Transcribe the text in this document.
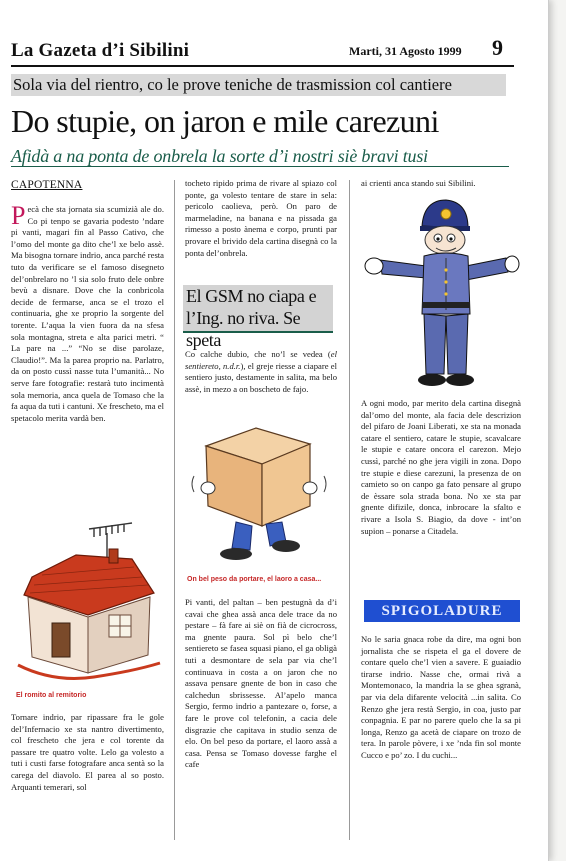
La Gazeta d’i Sibilini	Marti, 31 Agosto 1999 9
Sola via del rientro, co le prove teniche de trasmission col cantiere
Do stupie, on jaron e mile carezuni
Afidà a na ponta de onbrela la sorte d’i nostri siè bravi tusi
CAPOTENNA
Pecà che sta jornata sia scumizià ale do. Co pi tenpo se gavaria podesto ’ndare pi vanti, magari fin al Passo Cativo, che l’omo del monte ga dito che’l xe belo assè. Ma bisogna tornare indrio, anca parché resta tuto da verificare se el famoso disegneto del’onbrelaro no ’l sia solo fruto dele onbre bevù a disnare. Dove che la conbricola decide de fermarse, anca se el trozo el continuaria, ghe xe proprio la sorgente del torente. L’aqua la vien fuora da na sfesa sola montagna, streta e alta parici metri. “ La pare na ...” “No se dise parolaze, Claudio!”. Ma la parea proprio na. Parlatro, da on posto cussì nasse tuta l’umanità... No serve fare fotografie: restarà tuto incimentà sola memoria, anca quela de Tomaso che la fa aqua da tuti i cantuni. Xe frescheto, ma el spetacolo merita vardà ben.
El romito al remitorio
Tornare indrio, par ripassare fra le gole del’Infernacio xe sta nantro divertimento, col frescheto che jera e col torente da passare tre quatro volte. Lelo ga volesto a tuti i custi farse fotografare anca sentà so la carega del diavolo. El parea al so posto. Arquanti temerari, sol
tocheto ripido prima de rivare al spiazo col ponte, ga volesto tentare de stare in sela: pericolo caolieva, però. On paro de marmeladine, na banana e na pissada ga rimesso a posto ànema e corpo, prunti par provare el brivido dela cartina disegnà co la ponta del’onbrela.
El GSM no ciapa e l’Ing. no riva. Se speta
Co calche dubio, che no’l se vedea (el sentiereto, n.d.r.), el greje riesse a ciapare el sentiero justo, destamente in salita, ma belo assè, in mezo a on boscheto de fajo.
On bel peso da portare, el laoro a casa...
Pi vanti, del paltan – ben pestugnà da d’i cavai che ghea assà anca dele trace da no pestare – fà fare ai siè on fià de cicrocross, ma gnente paura. Sol pì belo che’l sentiereto se fasea squasi piano, el ga obligà tuti a desmontare de sela par via che’l continuava in costa a on jaron che no assava pensare gnente de bon in caso che calchedun sbrissesse. Al’apelo manca Sergio, fermo indrio a pantezare o, forse, a fare le prove col telefonin, a cacia dele disgrazie che capitava in studio senza de elo. On bel peso da portare, el laoro assà a casa. Pensa se Tomaso dovesse farghe el cafe
ai crienti anca stando sui Sibilini.
A ogni modo, par merito dela cartina disegnà dal’omo del monte, ala facia dele descrizion del pifaro de Joani Liberati, xe sta na monada catare el sentiero, catare le stupie, scavalcare le stupie e catare oncora el carezon. Mejo cussì, parché no ghe jera vigili in zona. Dopo tre stupie e diese carezuni, la presenza de on camieto so on canpo ga fato pensare al grupo de èssare sola strada bona. No xe sta par gnente difizile, donca, inbrocare la sfalto e rivare a Isola S. Biagio, da dove - int’on supion – ponarse a Citadela.
SPIGOLADURE
No le saria gnaca robe da dire, ma ogni bon jornalista che se rispeta el ga el dovere de contare quelo che’l vien a savere. E guaiadio tirarse indrio. Nasse che, ormai rivà a Montemonaco, la mandria la se ghea sgranà, par via dela difarente velocità ...in salita. Co Renzo ghe jera restà Sergio, in coa, justo par conpagnia. E par no parere quelo che la sa pi longa, Renzo ga acetà de ciapare on trozo de tera. In parole pòvere, i xe ’nda fin sol monte Cucco e po’ zo. I du cuchi...
